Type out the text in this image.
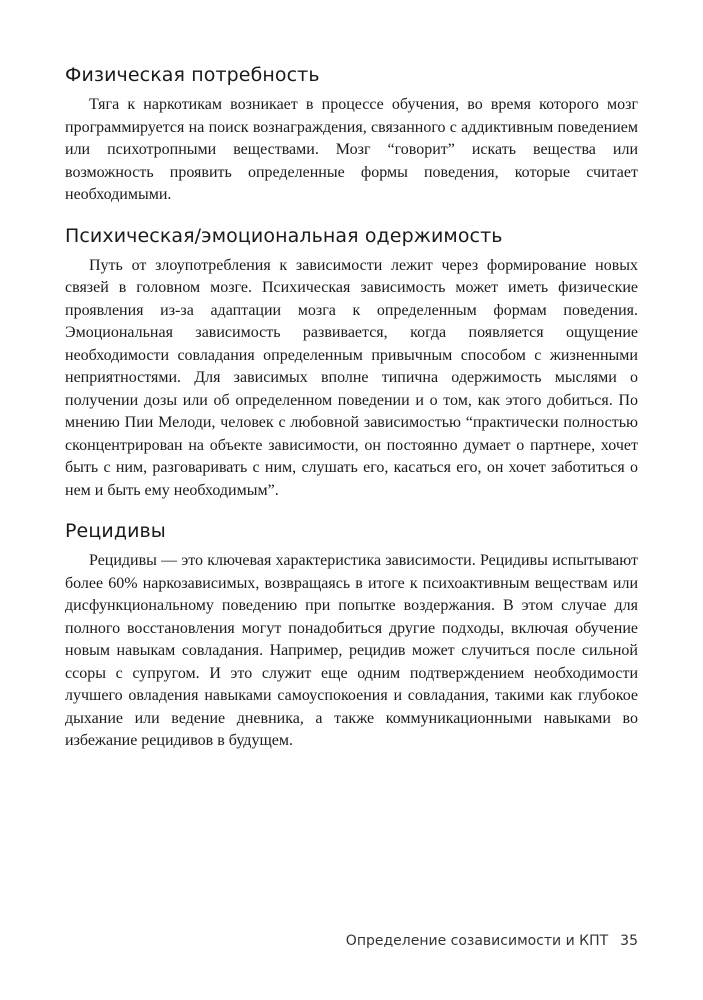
Физическая потребность

Тяга к наркотикам возникает в процессе обучения, во время которого мозг программируется на поиск вознаграждения, связанного с аддиктивным поведением или психотропными веществами. Мозг “говорит” искать вещества или возможность проявить определенные формы поведения, которые считает необходимыми.

Психическая/эмоциональная одержимость

Путь от злоупотребления к зависимости лежит через формирование новых связей в головном мозге. Психическая зависимость может иметь физические проявления из-за адаптации мозга к определенным формам поведения. Эмоциональная зависимость развивается, когда появляется ощущение необходимости совладания определенным привычным способом с жизненными неприятностями. Для зависимых вполне типична одержимость мыслями о получении дозы или об определенном поведении и о том, как этого добиться. По мнению Пии Мелоди, человек с любовной зависимостью “практически полностью сконцентрирован на объекте зависимости, он постоянно думает о партнере, хочет быть с ним, разговаривать с ним, слушать его, касаться его, он хочет заботиться о нем и быть ему необходимым”.

Рецидивы

Рецидивы — это ключевая характеристика зависимости. Рецидивы испытывают более 60% наркозависимых, возвращаясь в итоге к психоактивным веществам или дисфункциональному поведению при попытке воздержания. В этом случае для полного восстановления могут понадобиться другие подходы, включая обучение новым навыкам совладания. Например, рецидив может случиться после сильной ссоры с супругом. И это служит еще одним подтверждением необходимости лучшего овладения навыками самоуспокоения и совладания, такими как глубокое дыхание или ведение дневника, а также коммуникационными навыками во избежание рецидивов в будущем.

Определение созависимости и КПТ 35
